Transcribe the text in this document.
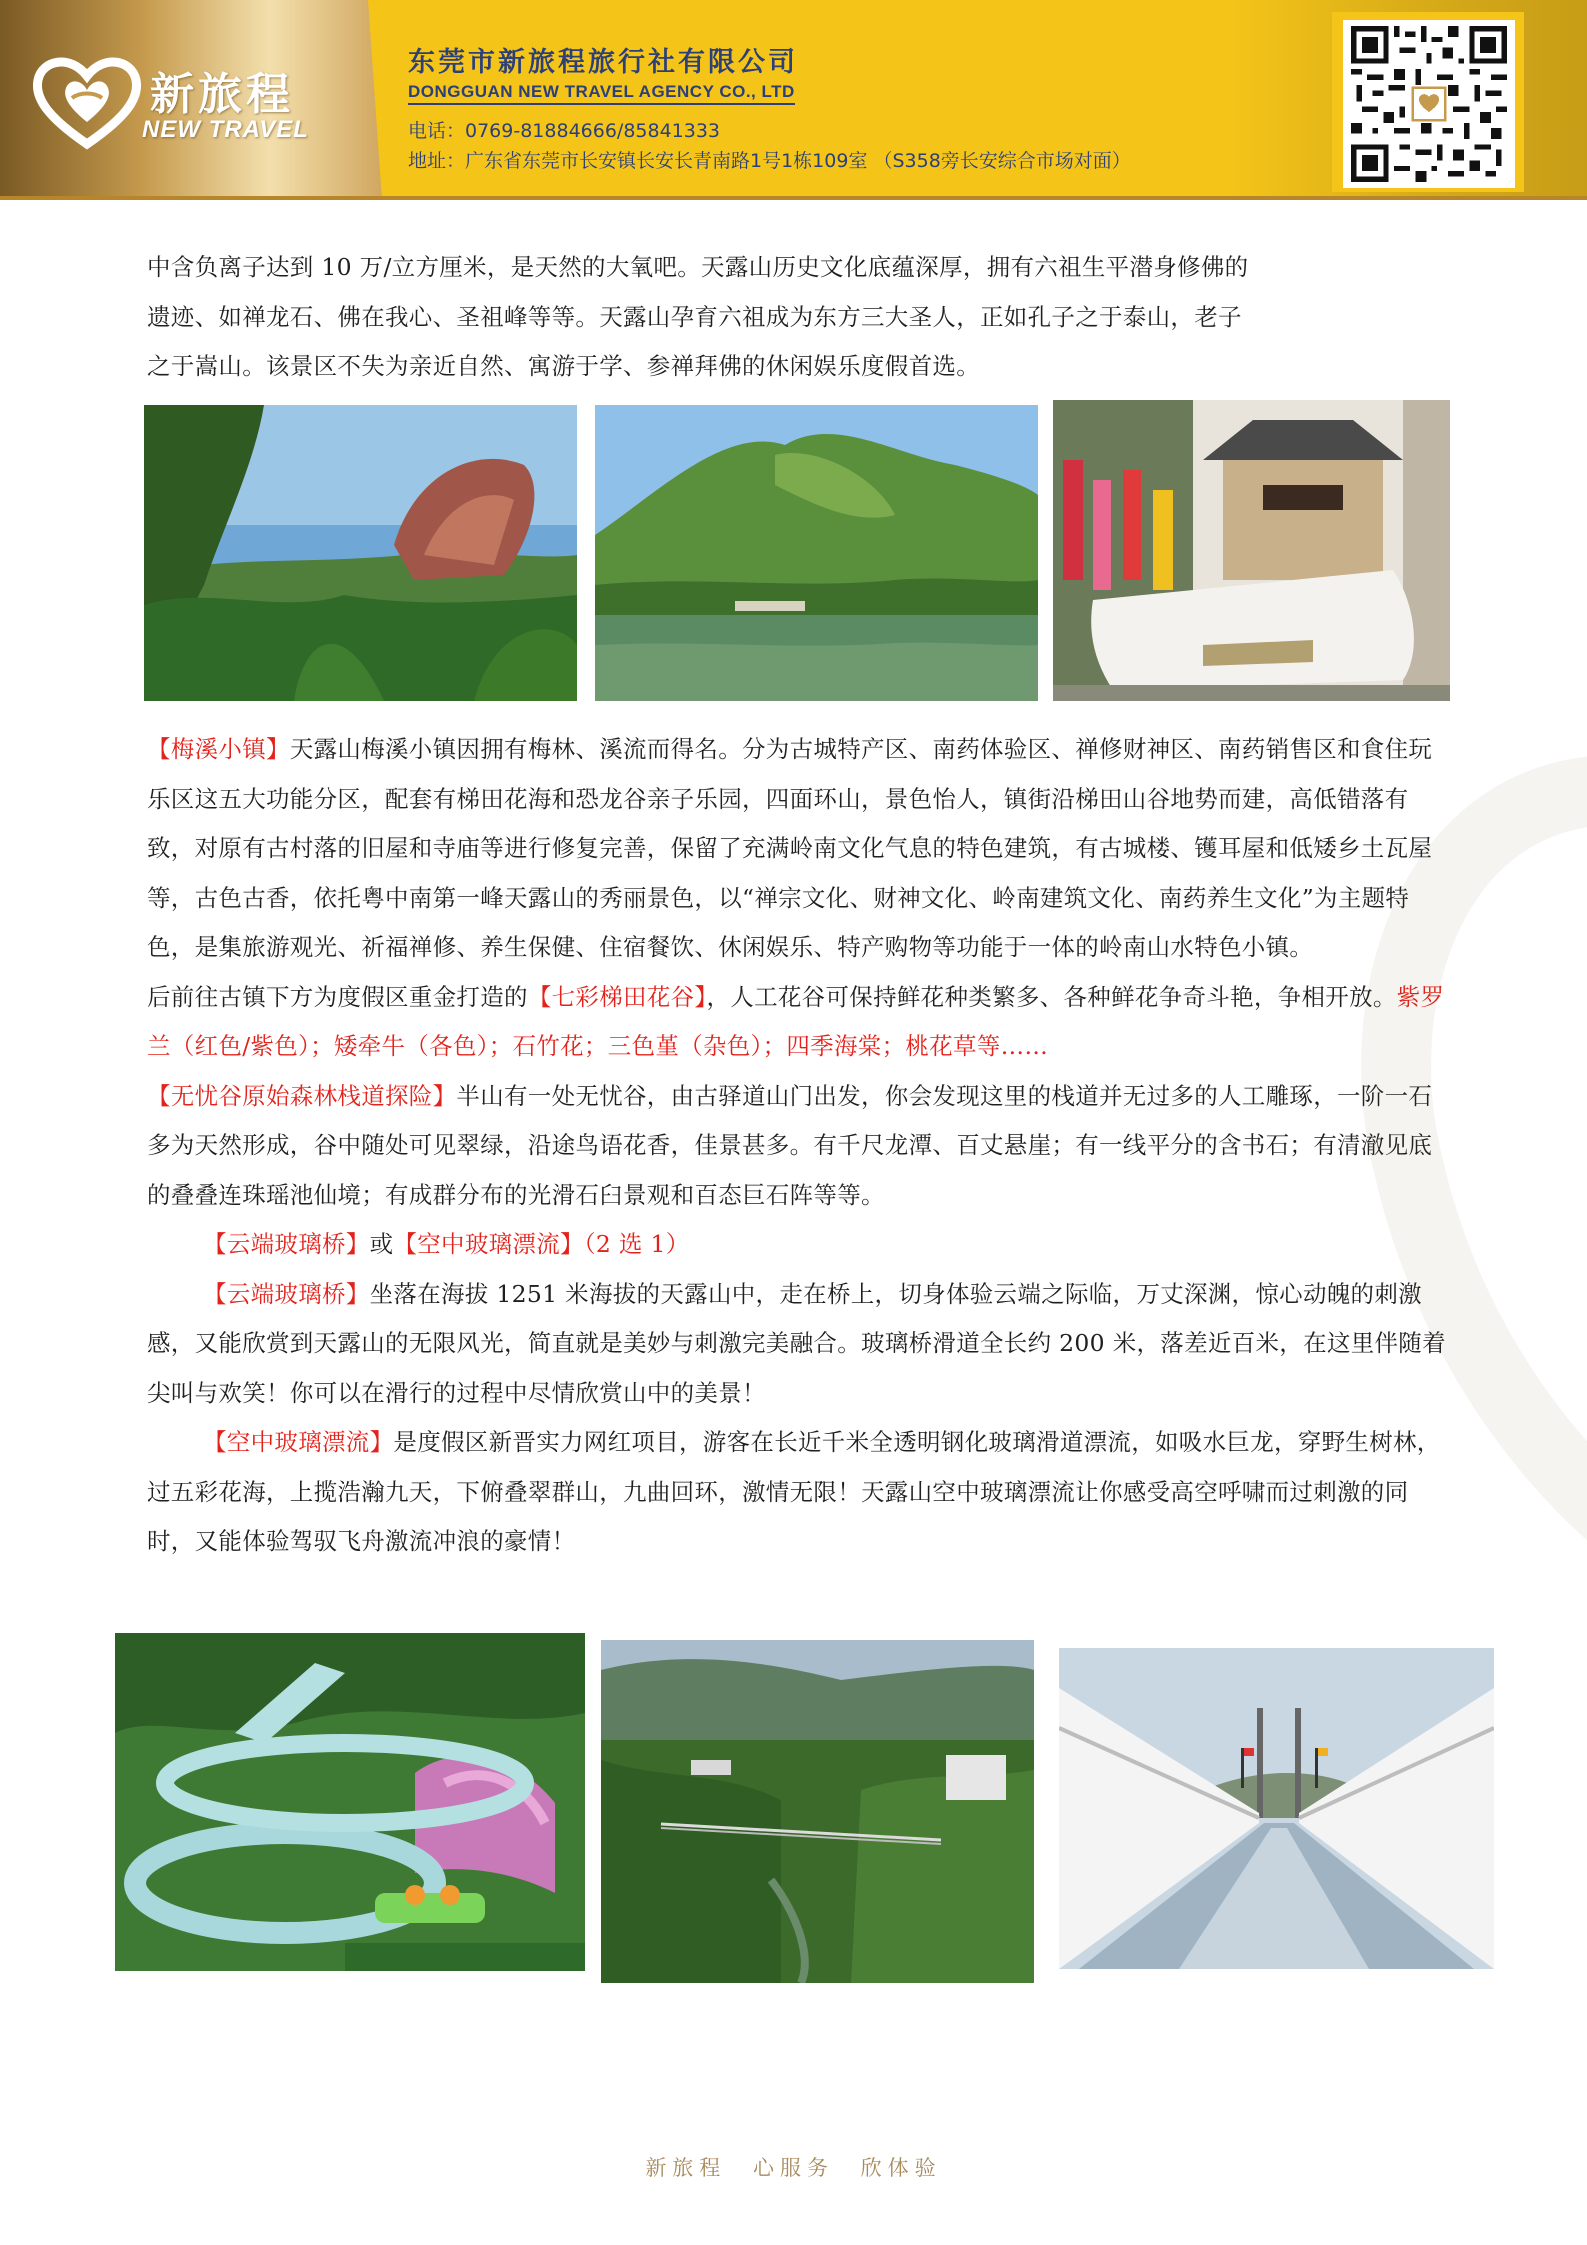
新旅程
NEW TRAVEL
东莞市新旅程旅行社有限公司
DONGGUAN NEW TRAVEL AGENCY CO., LTD
电话：0769-81884666/85841333
地址：广东省东莞市长安镇长安长青南路1号1栋109室 （S358旁长安综合市场对面）

中含负离子达到 10 万/立方厘米，是天然的大氧吧。天露山历史文化底蕴深厚，拥有六祖生平潜身修佛的

遗迹、如禅龙石、佛在我心、圣祖峰等等。天露山孕育六祖成为东方三大圣人，正如孔子之于泰山，老子

之于嵩山。该景区不失为亲近自然、寓游于学、参禅拜佛的休闲娱乐度假首选。

【梅溪小镇】天露山梅溪小镇因拥有梅林、溪流而得名。分为古城特产区、南药体验区、禅修财神区、南药销售区和食住玩乐区这五大功能分区，配套有梯田花海和恐龙谷亲子乐园，四面环山，景色怡人，镇街沿梯田山谷地势而建，高低错落有致，对原有古村落的旧屋和寺庙等进行修复完善，保留了充满岭南文化气息的特色建筑，有古城楼、镬耳屋和低矮乡土瓦屋等，古色古香，依托粤中南第一峰天露山的秀丽景色，以“禅宗文化、财神文化、岭南建筑文化、南药养生文化”为主题特色，是集旅游观光、祈福禅修、养生保健、住宿餐饮、休闲娱乐、特产购物等功能于一体的岭南山水特色小镇。

后前往古镇下方为度假区重金打造的【七彩梯田花谷】，人工花谷可保持鲜花种类繁多、各种鲜花争奇斗艳，争相开放。紫罗兰（红色/紫色）；矮牵牛（各色）；石竹花；三色堇（杂色）；四季海棠；桃花草等……

【无忧谷原始森林栈道探险】半山有一处无忧谷，由古驿道山门出发，你会发现这里的栈道并无过多的人工雕琢，一阶一石多为天然形成，谷中随处可见翠绿，沿途鸟语花香，佳景甚多。有千尺龙潭、百丈悬崖；有一线平分的含书石；有清澈见底的叠叠连珠瑶池仙境；有成群分布的光滑石臼景观和百态巨石阵等等。

【云端玻璃桥】或【空中玻璃漂流】（2 选 1）

【云端玻璃桥】坐落在海拔 1251 米海拔的天露山中，走在桥上，切身体验云端之际临，万丈深渊，惊心动魄的刺激感，又能欣赏到天露山的无限风光，简直就是美妙与刺激完美融合。玻璃桥滑道全长约 200 米，落差近百米，在这里伴随着尖叫与欢笑！你可以在滑行的过程中尽情欣赏山中的美景！

【空中玻璃漂流】是度假区新晋实力网红项目，游客在长近千米全透明钢化玻璃滑道漂流，如吸水巨龙，穿野生树林，过五彩花海，上揽浩瀚九天，下俯叠翠群山，九曲回环，激情无限！天露山空中玻璃漂流让你感受高空呼啸而过刺激的同时，又能体验驾驭飞舟激流冲浪的豪情！

新旅程 心服务 欣体验
